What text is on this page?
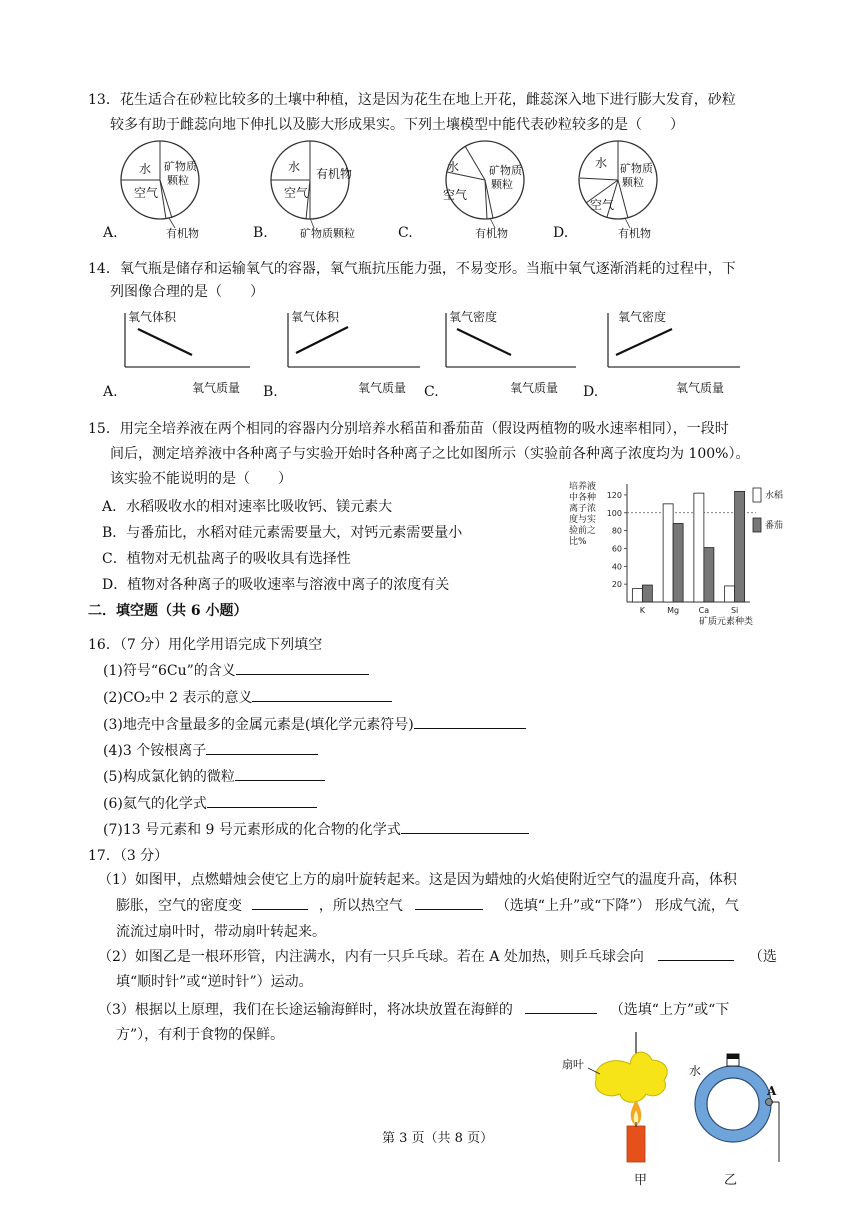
13．花生适合在砂粒比较多的土壤中种植，这是因为花生在地上开花，雌蕊深入地下进行膨大发育，砂粒
较多有助于雌蕊向地下伸扎以及膨大形成果实。下列土壤模型中能代表砂粒较多的是（　　）
水 矿物质
颗粒
空气
有机物
A.
水 有机物
空气
矿物质颗粒
B.
水	矿物质
颗粒
空气
有机物
C.
水 矿物质
颗粒
空气
有机物
D.
14．氧气瓶是储存和运输氧气的容器，氧气瓶抗压能力强，不易变形。当瓶中氧气逐渐消耗的过程中，下
列图像合理的是（　　）
氧气体积
氧气质量
A.
氧气体积
氧气质量
B.
氧气密度
氧气质量
C.
氧气密度
氧气质量
D.
15．用完全培养液在两个相同的容器内分别培养水稻苗和番茄苗（假设两植物的吸水速率相同），一段时
间后，测定培养液中各种离子与实验开始时各种离子之比如图所示（实验前各种离子浓度均为 100%）。
该实验不能说明的是（　　）
A．水稻吸收水的相对速率比吸收钙、镁元素大
B．与番茄比，水稻对硅元素需要量大，对钙元素需要量小
C．植物对无机盐离子的吸收具有选择性
D．植物对各种离子的吸收速率与溶液中离子的浓度有关
培养液
中各种
离子浓
度与实
验前之
比%
20
40
60
80
100
120
K	Mg Ca	Si
水稻
番茄
矿质元素种类
二．填空题（共 6 小题）
16．（7 分）用化学用语完成下列填空
(1)符号“6Cu”的含义
(2)CO₂中 2 表示的意义
(3)地壳中含量最多的金属元素是(填化学元素符号)
(4)3 个铵根离子
(5)构成氯化钠的微粒
(6)氦气的化学式
(7)13 号元素和 9 号元素形成的化合物的化学式
17．（3 分）
（1）如图甲，点燃蜡烛会使它上方的扇叶旋转起来。这是因为蜡烛的火焰使附近空气的温度升高，体积
膨胀，空气的密度变	，所以热空气	（选填“上升”或“下降”） 形成气流，气
流流过扇叶时，带动扇叶转起来。
（2）如图乙是一根环形管，内注满水，内有一只乒乓球。若在 A 处加热，则乒乓球会向	（选
填“顺时针”或“逆时针”）运动。
（3）根据以上原理，我们在长途运输海鲜时，将冰块放置在海鲜的	（选填“上方”或“下
方”），有利于食物的保鲜。
扇叶
甲
水
A
乙
第 3 页（共 8 页）
